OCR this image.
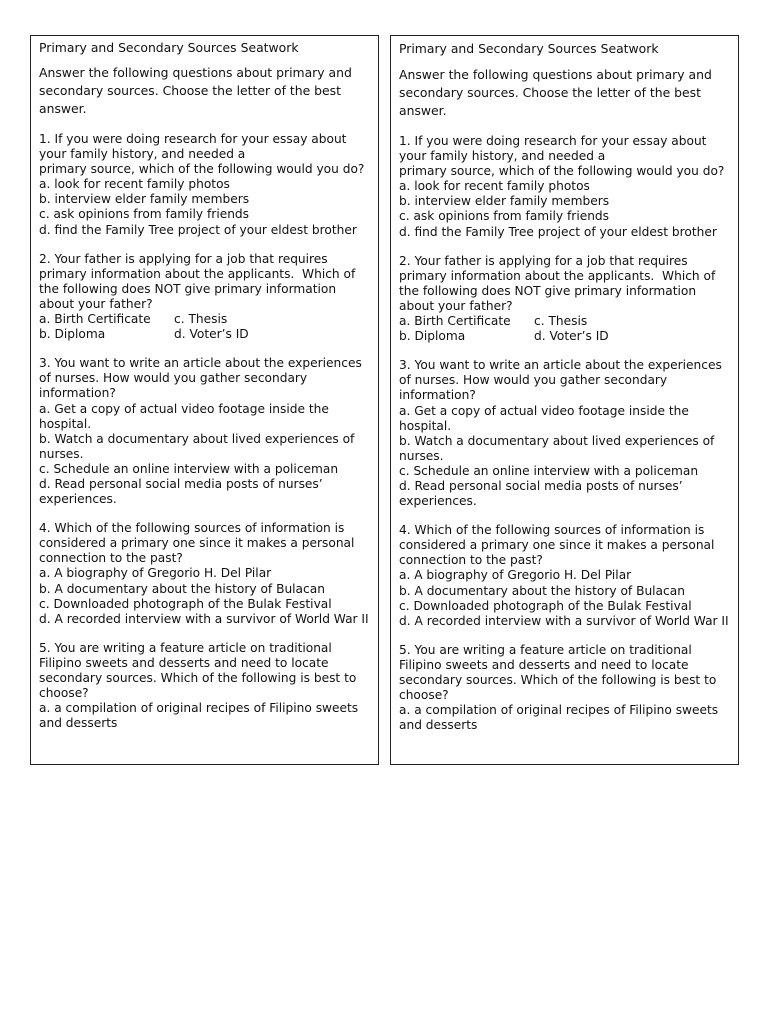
Primary and Secondary Sources Seatwork
Answer the following questions about primary and secondary sources. Choose the letter of the best answer.
1. If you were doing research for your essay about your family history, and needed a
primary source, which of the following would you do?
a. look for recent family photos
b. interview elder family members
c. ask opinions from family friends
d. find the Family Tree project of your eldest brother
2. Your father is applying for a job that requires primary information about the applicants.  Which of the following does NOT give primary information about your father?
a. Birth Certificate	c. Thesis
b. Diploma	d. Voter’s ID
3. You want to write an article about the experiences of nurses. How would you gather secondary information?
a. Get a copy of actual video footage inside the hospital.
b. Watch a documentary about lived experiences of nurses.
c. Schedule an online interview with a policeman
d. Read personal social media posts of nurses’ experiences.
4. Which of the following sources of information is considered a primary one since it makes a personal connection to the past?
a. A biography of Gregorio H. Del Pilar
b. A documentary about the history of Bulacan
c. Downloaded photograph of the Bulak Festival
d. A recorded interview with a survivor of World War II
5. You are writing a feature article on traditional Filipino sweets and desserts and need to locate secondary sources. Which of the following is best to choose?
a. a compilation of original recipes of Filipino sweets and desserts
Primary and Secondary Sources Seatwork
Answer the following questions about primary and secondary sources. Choose the letter of the best answer.
1. If you were doing research for your essay about your family history, and needed a
primary source, which of the following would you do?
a. look for recent family photos
b. interview elder family members
c. ask opinions from family friends
d. find the Family Tree project of your eldest brother
2. Your father is applying for a job that requires primary information about the applicants.  Which of the following does NOT give primary information about your father?
a. Birth Certificate	c. Thesis
b. Diploma	d. Voter’s ID
3. You want to write an article about the experiences of nurses. How would you gather secondary information?
a. Get a copy of actual video footage inside the hospital.
b. Watch a documentary about lived experiences of nurses.
c. Schedule an online interview with a policeman
d. Read personal social media posts of nurses’ experiences.
4. Which of the following sources of information is considered a primary one since it makes a personal connection to the past?
a. A biography of Gregorio H. Del Pilar
b. A documentary about the history of Bulacan
c. Downloaded photograph of the Bulak Festival
d. A recorded interview with a survivor of World War II
5. You are writing a feature article on traditional Filipino sweets and desserts and need to locate secondary sources. Which of the following is best to choose?
a. a compilation of original recipes of Filipino sweets and desserts
